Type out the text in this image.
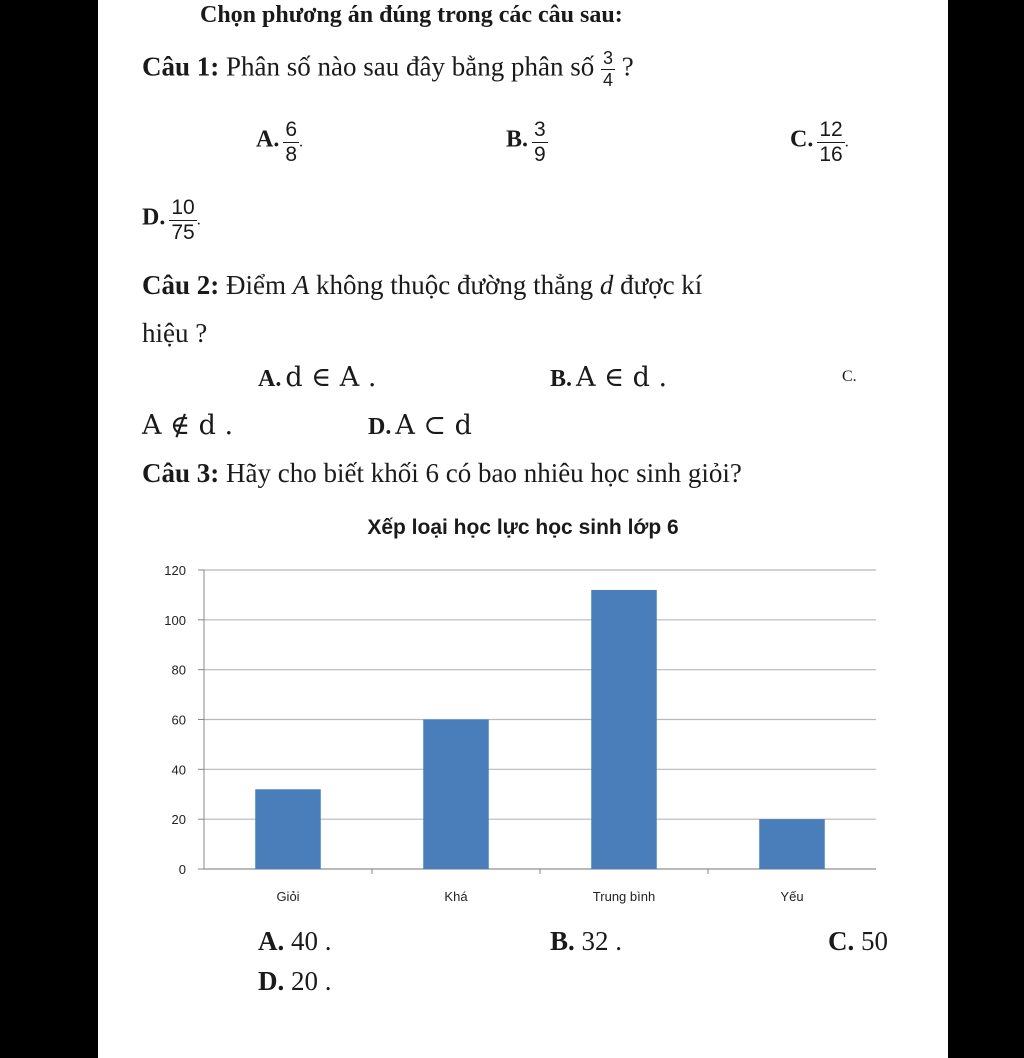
Chọn phương án đúng trong các câu sau:
Câu 1: Phân số nào sau đây bằng phân số $\frac{3}{4}$ ?
A. $\frac{6}{8}$ .	B. $\frac{3}{9}$	C. $\frac{12}{16}$ .
D. $\frac{10}{75}$ .
Câu 2: Điểm A không thuộc đường thẳng d được kí
hiệu ?
A. d ∈ A .	B. A ∈ d .	C.
A ∉ d .	D. A ⊂ d
Câu 3: Hãy cho biết khối 6 có bao nhiêu học sinh giỏi?
Xếp loại học lực học sinh lớp 6
0
20
40
60
80
100
120
Giỏi	Khá	Trung bình	Yếu
A. 40 .	B. 32 .	C. 50
D. 20 .
